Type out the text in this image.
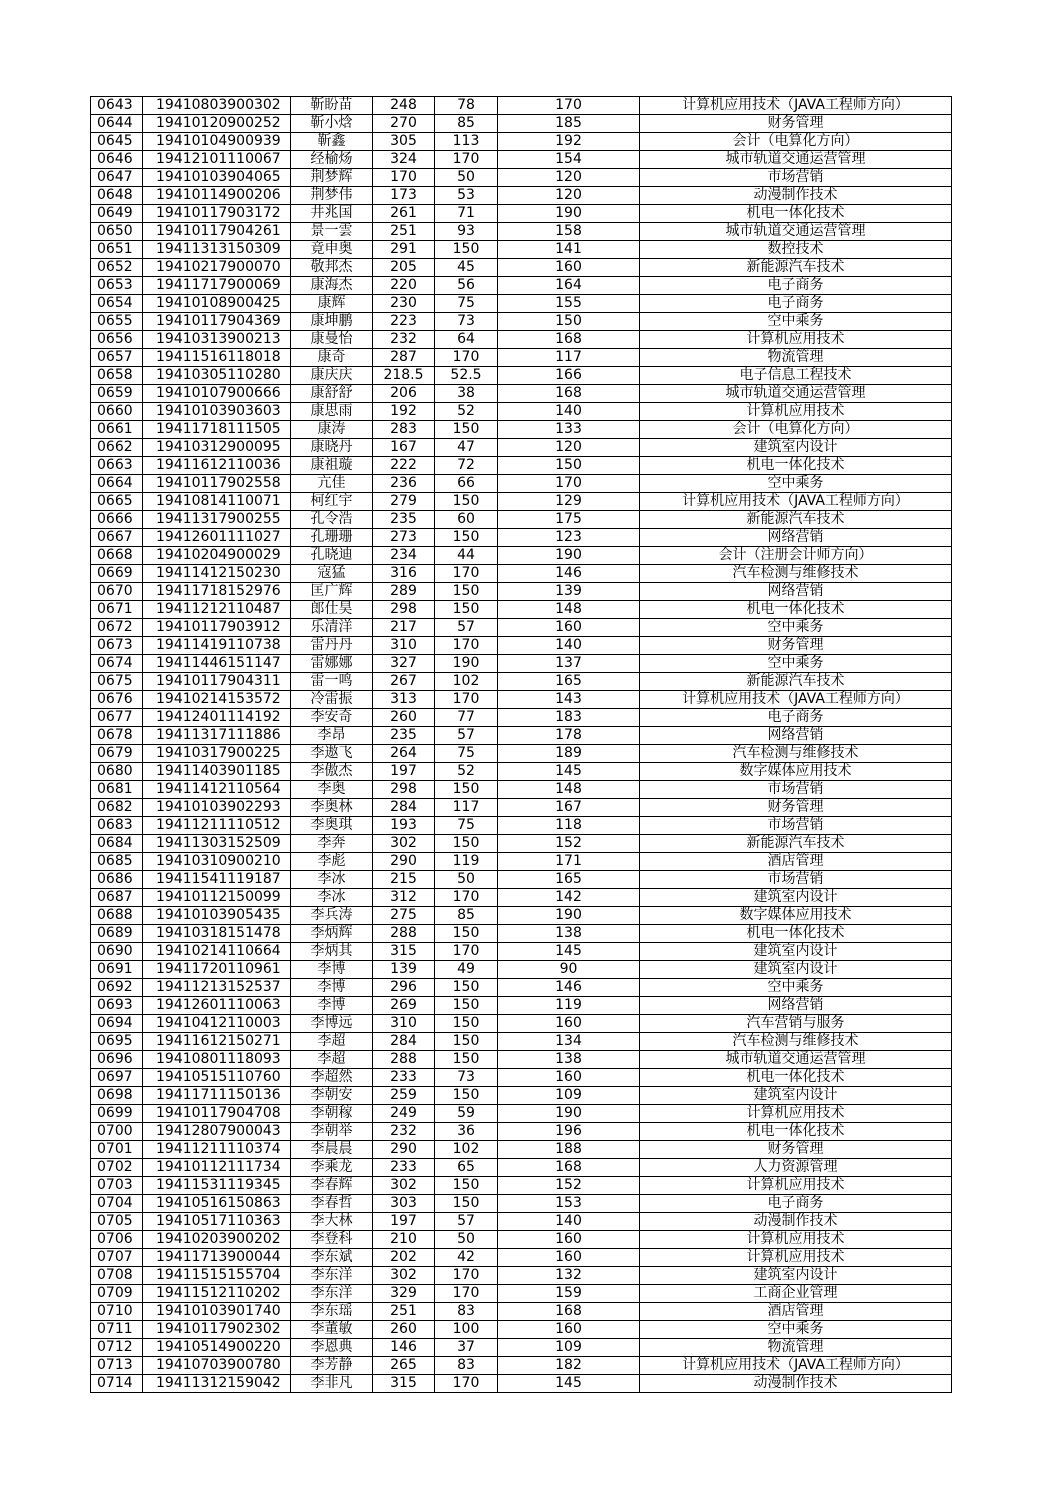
0643	19410803900302	靳盼苗	248	78	170	计算机应用技术（JAVA工程师方向）
0644	19410120900252	靳小焓	270	85	185	财务管理
0645	19410104900939	靳鑫	305	113	192	会计（电算化方向）
0646	19412101110067	经榆炀	324	170	154	城市轨道交通运营管理
0647	19410103904065	荆梦辉	170	50	120	市场营销
0648	19410114900206	荆梦伟	173	53	120	动漫制作技术
0649	19410117903172	井兆国	261	71	190	机电一体化技术
0650	19410117904261	景一雲	251	93	158	城市轨道交通运营管理
0651	19411313150309	竟申奥	291	150	141	数控技术
0652	19410217900070	敬邦杰	205	45	160	新能源汽车技术
0653	19411717900069	康海杰	220	56	164	电子商务
0654	19410108900425	康辉	230	75	155	电子商务
0655	19410117904369	康坤鹏	223	73	150	空中乘务
0656	19410313900213	康曼怡	232	64	168	计算机应用技术
0657	19411516118018	康奇	287	170	117	物流管理
0658	19410305110280	康庆庆	218.5	52.5	166	电子信息工程技术
0659	19410107900666	康舒舒	206	38	168	城市轨道交通运营管理
0660	19410103903603	康思雨	192	52	140	计算机应用技术
0661	19411718111505	康涛	283	150	133	会计（电算化方向）
0662	19410312900095	康晓丹	167	47	120	建筑室内设计
0663	19411612110036	康祖璇	222	72	150	机电一体化技术
0664	19410117902558	亢佳	236	66	170	空中乘务
0665	19410814110071	柯红宇	279	150	129	计算机应用技术（JAVA工程师方向）
0666	19411317900255	孔令浩	235	60	175	新能源汽车技术
0667	19412601111027	孔珊珊	273	150	123	网络营销
0668	19410204900029	孔晓迪	234	44	190	会计（注册会计师方向）
0669	19411412150230	寇猛	316	170	146	汽车检测与维修技术
0670	19411718152976	匡广辉	289	150	139	网络营销
0671	19411212110487	郎仕昊	298	150	148	机电一体化技术
0672	19410117903912	乐清洋	217	57	160	空中乘务
0673	19411419110738	雷丹丹	310	170	140	财务管理
0674	19411446151147	雷娜娜	327	190	137	空中乘务
0675	19410117904311	雷一鸣	267	102	165	新能源汽车技术
0676	19410214153572	冷雷振	313	170	143	计算机应用技术（JAVA工程师方向）
0677	19412401114192	李安奇	260	77	183	电子商务
0678	19411317111886	李昂	235	57	178	网络营销
0679	19410317900225	李遨飞	264	75	189	汽车检测与维修技术
0680	19411403901185	李傲杰	197	52	145	数字媒体应用技术
0681	19411412110564	李奥	298	150	148	市场营销
0682	19410103902293	李奥林	284	117	167	财务管理
0683	19411211110512	李奥琪	193	75	118	市场营销
0684	19411303152509	李奔	302	150	152	新能源汽车技术
0685	19410310900210	李彪	290	119	171	酒店管理
0686	19411541119187	李冰	215	50	165	市场营销
0687	19410112150099	李冰	312	170	142	建筑室内设计
0688	19410103905435	李兵涛	275	85	190	数字媒体应用技术
0689	19410318151478	李炳辉	288	150	138	机电一体化技术
0690	19410214110664	李炳其	315	170	145	建筑室内设计
0691	19411720110961	李博	139	49	90	建筑室内设计
0692	19411213152537	李博	296	150	146	空中乘务
0693	19412601110063	李博	269	150	119	网络营销
0694	19410412110003	李博远	310	150	160	汽车营销与服务
0695	19411612150271	李超	284	150	134	汽车检测与维修技术
0696	19410801118093	李超	288	150	138	城市轨道交通运营管理
0697	19410515110760	李超然	233	73	160	机电一体化技术
0698	19411711150136	李朝安	259	150	109	建筑室内设计
0699	19410117904708	李朝稼	249	59	190	计算机应用技术
0700	19412807900043	李朝举	232	36	196	机电一体化技术
0701	19411211110374	李晨晨	290	102	188	财务管理
0702	19410112111734	李乘龙	233	65	168	人力资源管理
0703	19411531119345	李春辉	302	150	152	计算机应用技术
0704	19410516150863	李春哲	303	150	153	电子商务
0705	19410517110363	李大林	197	57	140	动漫制作技术
0706	19410203900202	李登科	210	50	160	计算机应用技术
0707	19411713900044	李东斌	202	42	160	计算机应用技术
0708	19411515155704	李东洋	302	170	132	建筑室内设计
0709	19411512110202	李东洋	329	170	159	工商企业管理
0710	19410103901740	李东瑶	251	83	168	酒店管理
0711	19410117902302	李董敏	260	100	160	空中乘务
0712	19410514900220	李恩典	146	37	109	物流管理
0713	19410703900780	李芳静	265	83	182	计算机应用技术（JAVA工程师方向）
0714	19411312159042	李非凡	315	170	145	动漫制作技术
